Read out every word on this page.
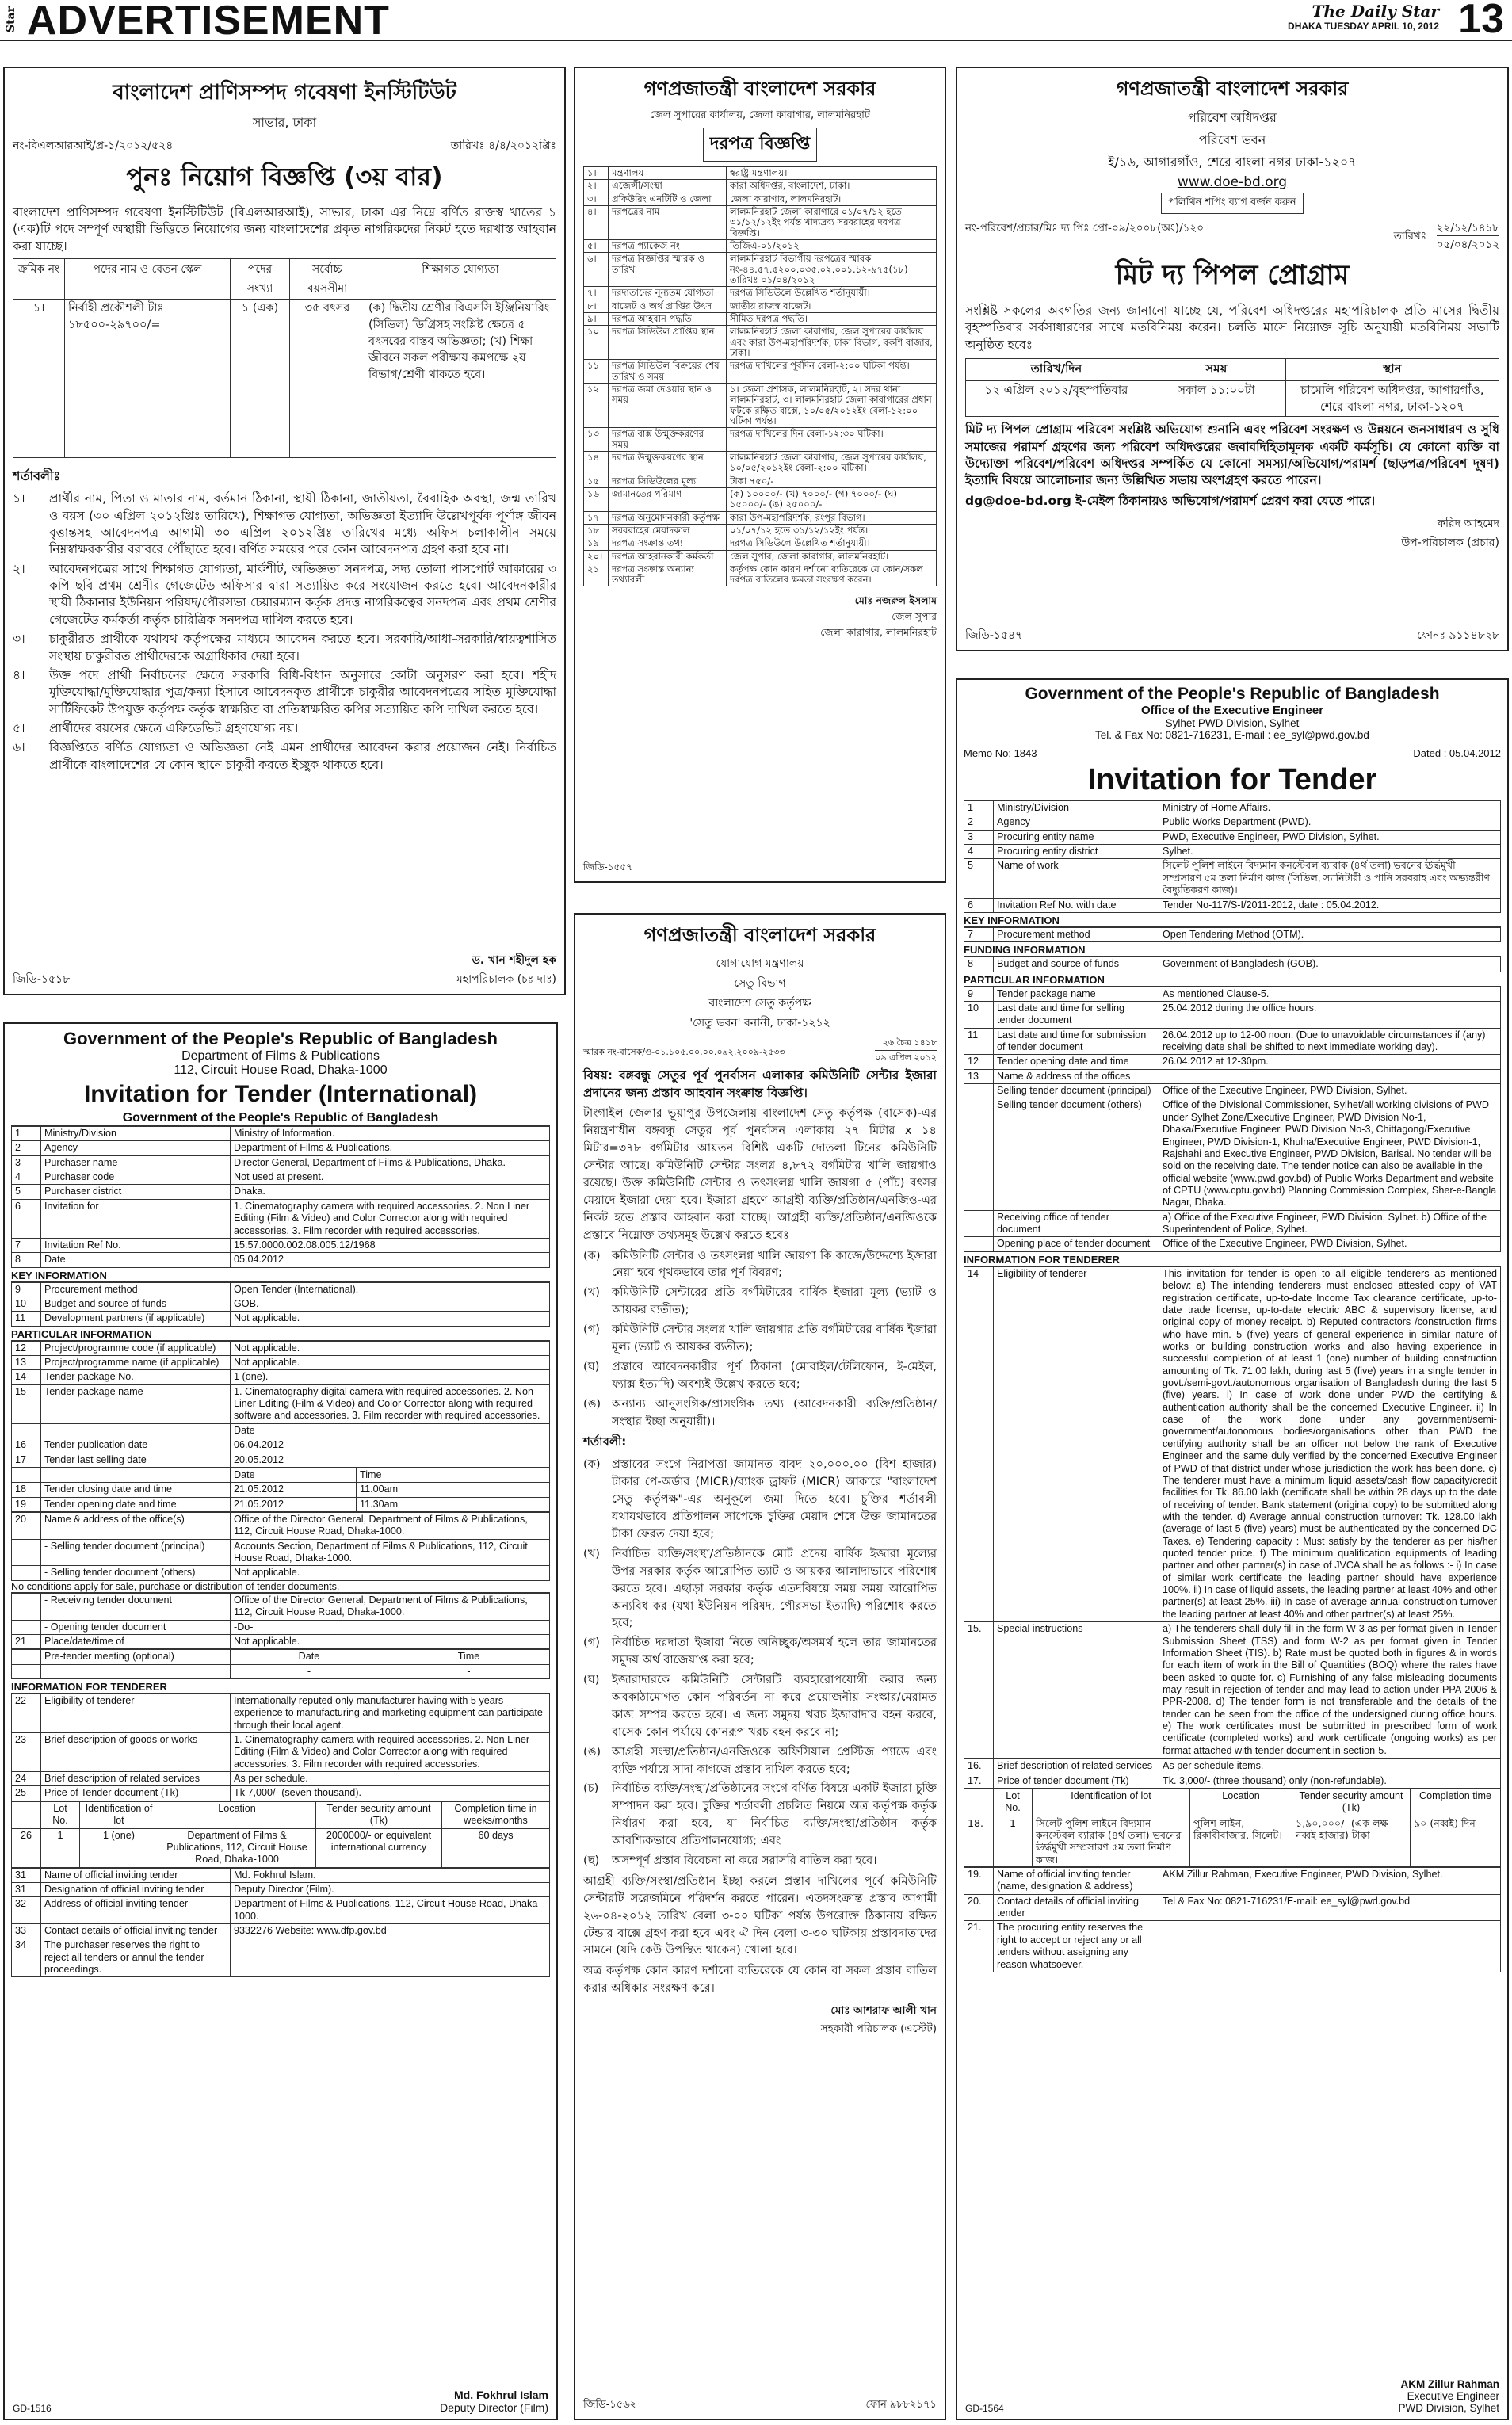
Star ADVERTISEMENT	The Daily Star
DHAKA TUESDAY APRIL 10, 2012 13
বাংলাদেশ প্রাণিসম্পদ গবেষণা ইনস্টিটিউট
সাভার, ঢাকা
নং-বিএলআরআই/প্র-১/২০১২/৫২৪	তারিখঃ ৪/৪/২০১২খ্রিঃ
পুনঃ নিয়োগ বিজ্ঞপ্তি (৩য় বার)
বাংলাদেশ প্রাণিসম্পদ গবেষণা ইনস্টিটিউট (বিএলআরআই), সাভার, ঢাকা এর নিম্নে বর্ণিত রাজস্ব খাতের ১ (এক)টি পদে সম্পূর্ণ অস্থায়ী ভিত্তিতে নিয়োগের জন্য বাংলাদেশের প্রকৃত নাগরিকদের নিকট হতে দরখাস্ত আহবান করা যাচ্ছে।
ক্রমিক নং	পদের নাম ও বেতন স্কেল	পদের সংখ্যা	সর্বোচ্চ বয়সসীমা	শিক্ষাগত যোগ্যতা
১।	নির্বাহী প্রকৌশলী টাঃ ১৮৫০০-২৯৭০০/=	১ (এক)	৩৫ বৎসর	(ক) দ্বিতীয় শ্রেণীর বিএসসি ইঞ্জিনিয়ারিং (সিভিল) ডিগ্রিসহ সংশ্লিষ্ট ক্ষেত্রে ৫ বৎসরের বাস্তব অভিজ্ঞতা; (খ) শিক্ষা জীবনে সকল পরীক্ষায় কমপক্ষে ২য় বিভাগ/শ্রেণী থাকতে হবে।
শর্তাবলীঃ
১। প্রার্থীর নাম, পিতা ও মাতার নাম, বর্তমান ঠিকানা, স্থায়ী ঠিকানা, জাতীয়তা, বৈবাহিক অবস্থা, জন্ম তারিখ ও বয়স (৩০ এপ্রিল ২০১২খ্রিঃ তারিখে), শিক্ষাগত যোগ্যতা, অভিজ্ঞতা ইত্যাদি উল্লেখপূর্বক পূর্ণাঙ্গ জীবন বৃত্তান্তসহ আবেদনপত্র আগামী ৩০ এপ্রিল ২০১২খ্রিঃ তারিখের মধ্যে অফিস চলাকালীন সময়ে নিম্নস্বাক্ষরকারীর বরাবরে পৌঁছাতে হবে। বর্ণিত সময়ের পরে কোন আবেদনপত্র গ্রহণ করা হবে না।
২। আবেদনপত্রের সাথে শিক্ষাগত যোগ্যতা, মার্কশীট, অভিজ্ঞতা সনদপত্র, সদ্য তোলা পাসপোর্ট আকারের ৩ কপি ছবি প্রথম শ্রেণীর গেজেটেড অফিসার দ্বারা সত্যায়িত করে সংযোজন করতে হবে। আবেদনকারীর স্থায়ী ঠিকানার ইউনিয়ন পরিষদ/পৌরসভা চেয়ারম্যান কর্তৃক প্রদত্ত নাগরিকত্বের সনদপত্র এবং প্রথম শ্রেণীর গেজেটেড কর্মকর্তা কর্তৃক চারিত্রিক সনদপত্র দাখিল করতে হবে।
৩। চাকুরীরত প্রার্থীকে যথাযথ কর্তৃপক্ষের মাধ্যমে আবেদন করতে হবে। সরকারি/আধা-সরকারি/স্বায়ত্বশাসিত সংস্থায় চাকুরীরত প্রার্থীদেরকে অগ্রাধিকার দেয়া হবে।
৪। উক্ত পদে প্রার্থী নির্বাচনের ক্ষেত্রে সরকারি বিধি-বিধান অনুসারে কোটা অনুসরণ করা হবে। শহীদ মুক্তিযোদ্ধা/মুক্তিযোদ্ধার পুত্র/কন্যা হিসাবে আবেদনকৃত প্রার্থীকে চাকুরীর আবেদনপত্রের সহিত মুক্তিযোদ্ধা সার্টিফিকেট উপযুক্ত কর্তৃপক্ষ কর্তৃক স্বাক্ষরিত বা প্রতিস্বাক্ষরিত কপির সত্যায়িত কপি দাখিল করতে হবে।
৫। প্রার্থীদের বয়সের ক্ষেত্রে এফিডেভিট গ্রহণযোগ্য নয়।
৬। বিজ্ঞপ্তিতে বর্ণিত যোগ্যতা ও অভিজ্ঞতা নেই এমন প্রার্থীদের আবেদন করার প্রয়োজন নেই। নির্বাচিত প্রার্থীকে বাংলাদেশের যে কোন স্থানে চাকুরী করতে ইচ্ছুক থাকতে হবে।
জিডি-১৫১৮
ড. খান শহীদুল হক
মহাপরিচালক (চঃ দাঃ)
গণপ্রজাতন্ত্রী বাংলাদেশ সরকার
জেল সুপারের কার্যালয়, জেলা কারাগার, লালমনিরহাট
দরপত্র বিজ্ঞপ্তি
১।	মন্ত্রণালয়	স্বরাষ্ট্র মন্ত্রণালয়।
২।	এজেন্সী/সংস্থা	কারা অধিদপ্তর, বাংলাদেশ, ঢাকা।
৩।	প্রকিউরিং এনটিটি ও জেলা	জেলা কারাগার, লালমনিরহাট।
৪।	দরপত্রের নাম	লালমনিরহাট জেলা কারাগারে ০১/০৭/১২ হতে ৩১/১২/১২ইং পর্যন্ত খাদ্যদ্রব্য সরবরাহের দরপত্র বিজ্ঞপ্তি।
৫।	দরপত্র প্যাকেজ নং	তিজিএ-০১/২০১২
৬।	দরপত্র বিজ্ঞপ্তির স্মারক ও তারিখ	লালমনিরহাট বিভাগীয় দরপত্রের স্মারক নং-৪৪.৫৭.৫২০০.০৩৫.০২.০০১.১২-৯৭৫(১৮) তারিখঃ ০১/০৪/২০১২
৭।	দরদাতাদের নূন্যতম যোগ্যতা	দরপত্র সিডিউলে উল্লেখিত শর্তানুযায়ী।
৮।	বাজেট ও অর্থ প্রাপ্তির উৎস	জাতীয় রাজস্ব বাজেট।
৯।	দরপত্র আহবান পদ্ধতি	সীমিত দরপত্র পদ্ধতি।
১০।	দরপত্র সিডিউল প্রাপ্তির স্থান	লালমনিরহাট জেলা কারাগার, জেল সুপারের কার্যালয় এবং কারা উপ-মহাপরিদর্শক, ঢাকা বিভাগ, বকশি বাজার, ঢাকা।
১১।	দরপত্র সিডিউল বিক্রয়ের শেষ তারিখ ও সময়	দরপত্র দাখিলের পূর্বদিন বেলা-২:০০ ঘটিকা পর্যন্ত।
১২।	দরপত্র জমা দেওয়ার স্থান ও সময়	১। জেলা প্রশাসক, লালমনিরহাট, ২। সদর থানা লালমনিরহাট, ৩। লালমনিরহাট জেলা কারাগারের প্রধান ফটকে রক্ষিত বাক্সে, ১০/০৫/২০১২ইং বেলা-১২:০০ ঘটিকা পর্যন্ত।
১৩।	দরপত্র বাক্স উন্মুক্তকরণের সময়	দরপত্র দাখিলের দিন বেলা-১২:৩০ ঘটিকা।
১৪।	দরপত্র উন্মুক্তকরণের স্থান	লালমনিরহাট জেলা কারাগার, জেল সুপারের কার্যালয়, ১০/০৫/২০১২ইং বেলা-২:০০ ঘটিকা।
১৫।	দরপত্র সিডিউলের মূল্য	টাকা ৭৫০/-
১৬।	জামানতের পরিমাণ	(ক) ১০০০০/- (খ) ৭০০০/- (গ) ৭০০০/- (ঘ) ১৫০০০/- (ঙ) ২৫০০০/-
১৭।	দরপত্র অনুমোদনকারী কর্তৃপক্ষ	কারা উপ-মহাপরিদর্শক, রংপুর বিভাগ।
১৮।	সরবরাহের মেয়াদকাল	০১/০৭/১২ হতে ৩১/১২/১২ইং পর্যন্ত।
১৯।	দরপত্র সংক্রান্ত তথ্য	দরপত্র সিডিউলে উল্লেখিত শর্তানুযায়ী।
২০।	দরপত্র আহবানকারী কর্মকর্তা	জেল সুপার, জেলা কারাগার, লালমনিরহাট।
২১।	দরপত্র সংক্রান্ত অন্যান্য তথ্যাবলী	কর্তৃপক্ষ কোন কারণ দর্শানো ব্যতিরেকে যে কোন/সকল দরপত্র বাতিলের ক্ষমতা সংরক্ষণ করেন।
মোঃ নজরুল ইসলাম
জেল সুপার
জেলা কারাগার, লালমনিরহাট
জিডি-১৫৫৭
গণপ্রজাতন্ত্রী বাংলাদেশ সরকার
পরিবেশ অধিদপ্তর
পরিবেশ ভবন
ই/১৬, আগারগাঁও, শেরে বাংলা নগর ঢাকা-১২০৭
www.doe-bd.org
পলিথিন শপিং ব্যাগ বর্জন করুন
নং-পরিবেশ/প্রচার/মিঃ দ্য পিঃ প্রো-০৯/২০০৮(অং)/১২০	২২/১২/১৪১৮
তারিখঃ
০৫/০৪/২০১২
মিট দ্য পিপল প্রোগ্রাম
সংশ্লিষ্ট সকলের অবগতির জন্য জানানো যাচ্ছে যে, পরিবেশ অধিদপ্তরের মহাপরিচালক প্রতি মাসের দ্বিতীয় বৃহস্পতিবার সর্বসাধারণের সাথে মতবিনিময় করেন। চলতি মাসে নিম্নোক্ত সূচি অনুযায়ী মতবিনিময় সভাটি অনুষ্ঠিত হবেঃ
তারিখ/দিন	সময়	স্থান
১২ এপ্রিল ২০১২/বৃহস্পতিবার	সকাল ১১:০০টা	চামেলি পরিবেশ অধিদপ্তর, আগারগাঁও, শেরে বাংলা নগর, ঢাকা-১২০৭
মিট দ্য পিপল প্রোগ্রাম পরিবেশ সংশ্লিষ্ট অভিযোগ শুনানি এবং পরিবেশ সংরক্ষণ ও উন্নয়নে জনসাধারণ ও সুধি সমাজের পরামর্শ গ্রহণের জন্য পরিবেশ অধিদপ্তরের জবাবদিহিতামূলক একটি কর্মসূচি। যে কোনো ব্যক্তি বা উদ্যোক্তা পরিবেশ/পরিবেশ অধিদপ্তর সম্পর্কিত যে কোনো সমস্যা/অভিযোগ/পরামর্শ (ছাড়পত্র/পরিবেশ দূষণ) ইত্যাদি বিষয়ে আলোচনার জন্য উল্লিখিত সভায় অংশগ্রহণ করতে পারেন।
dg@doe-bd.org ই-মেইল ঠিকানায়ও অভিযোগ/পরামর্শ প্রেরণ করা যেতে পারে।
ফরিদ আহমেদ
উপ-পরিচালক (প্রচার)
জিডি-১৫৪৭	ফোনঃ ৯১১৪৮২৮
Government of the People's Republic of Bangladesh
Department of Films & Publications
112, Circuit House Road, Dhaka-1000
Invitation for Tender (International)
Government of the People's Republic of Bangladesh
1	Ministry/Division	Ministry of Information.
2	Agency	Department of Films & Publications.
3	Purchaser name	Director General, Department of Films & Publications, Dhaka.
4	Purchaser code	Not used at present.
5	Purchaser district	Dhaka.
6	Invitation for	1. Cinematography camera with required accessories. 2. Non Liner Editing (Film & Video) and Color Corrector along with required accessories. 3. Film recorder with required accessories.
7	Invitation Ref No.	15.57.0000.002.08.005.12/1968
8	Date	05.04.2012
KEY INFORMATION
9	Procurement method	Open Tender (International).
10	Budget and source of funds	GOB.
11	Development partners (if applicable)	Not applicable.
PARTICULAR INFORMATION
12	Project/programme code (if applicable)	Not applicable.
13	Project/programme name (if applicable)	Not applicable.
14	Tender package No.	1 (one).
15	Tender package name	1. Cinematography digital camera with required accessories. 2. Non Liner Editing (Film & Video) and Color Corrector along with required software and accessories. 3. Film recorder with required accessories.
		Date
16	Tender publication date	06.04.2012
17	Tender last selling date	20.05.2012
		Date	Time
18	Tender closing date and time	21.05.2012	11.00am
19	Tender opening date and time	21.05.2012	11.30am
20	Name & address of the office(s)	Office of the Director General, Department of Films & Publications, 112, Circuit House Road, Dhaka-1000.
	- Selling tender document (principal)	Accounts Section, Department of Films & Publications, 112, Circuit House Road, Dhaka-1000.
	- Selling tender document (others)	Not applicable.
No conditions apply for sale, purchase or distribution of tender documents.
	- Receiving tender document	Office of the Director General, Department of Films & Publications, 112, Circuit House Road, Dhaka-1000.
	- Opening tender document	-Do-
21	Place/date/time of	Not applicable.
	Pre-tender meeting (optional)	Date	Time
		-	-
INFORMATION FOR TENDERER
22	Eligibility of tenderer	Internationally reputed only manufacturer having with 5 years experience to manufacturing and marketing equipment can participate through their local agent.
23	Brief description of goods or works	1. Cinematography camera with required accessories. 2. Non Liner Editing (Film & Video) and Color Corrector along with required accessories. 3. Film recorder with required accessories.
24	Brief description of related services	As per schedule.
25	Price of Tender document (Tk)	Tk 7,000/- (seven thousand).
	Lot No.	Identification of lot	Location	Tender security amount (Tk)	Completion time in weeks/months
26	1	1 (one)	Department of Films & Publications, 112, Circuit House Road, Dhaka-1000	2000000/- or equivalent international currency	60 days
31	Name of official inviting tender	Md. Fokhrul Islam.
31	Designation of official inviting tender	Deputy Director (Film).
32	Address of official inviting tender	Department of Films & Publications, 112, Circuit House Road, Dhaka-1000.
33	Contact details of official inviting tender	9332276 Website: www.dfp.gov.bd
34	The purchaser reserves the right to reject all tenders or annul the tender proceedings.	
GD-1516
Md. Fokhrul Islam
Deputy Director (Film)
গণপ্রজাতন্ত্রী বাংলাদেশ সরকার
যোগাযোগ মন্ত্রণালয়
সেতু বিভাগ
বাংলাদেশ সেতু কর্তৃপক্ষ
'সেতু ভবন' বনানী, ঢাকা-১২১২
স্মারক নং-বাসেক/ও-০১.১০৫.০০.০০.০৯২.২০০৯-২৫৩৩
২৬ চৈত্র ১৪১৮
০৯ এপ্রিল ২০১২
বিষয়: বঙ্গবন্ধু সেতুর পূর্ব পুনর্বাসন এলাকার কমিউনিটি সেন্টার ইজারা প্রদানের জন্য প্রস্তাব আহবান সংক্রান্ত বিজ্ঞপ্তি।
টাংগাইল জেলার ভূয়াপুর উপজেলায় বাংলাদেশ সেতু কর্তৃপক্ষ (বাসেক)-এর নিয়ন্ত্রণাধীন বঙ্গবন্ধু সেতুর পূর্ব পুনর্বাসন এলাকায় ২৭ মিটার x ১৪ মিটার=৩৭৮ বর্গমিটার আয়তন বিশিষ্ট একটি দোতলা টিনের কমিউনিটি সেন্টার আছে। কমিউনিটি সেন্টার সংলগ্ন ৪,৮৭২ বর্গমিটার খালি জায়গাও রয়েছে। উক্ত কমিউনিটি সেন্টার ও তৎসংলগ্ন খালি জায়গা ৫ (পাঁচ) বৎসর মেয়াদে ইজারা দেয়া হবে। ইজারা গ্রহণে আগ্রহী ব্যক্তি/প্রতিষ্ঠান/এনজিও-এর নিকট হতে প্রস্তাব আহবান করা যাচ্ছে। আগ্রহী ব্যক্তি/প্রতিষ্ঠান/এনজিওকে প্রস্তাবে নিম্নোক্ত তথ্যসমূহ উল্লেখ করতে হবেঃ
(ক) কমিউনিটি সেন্টার ও তৎসংলগ্ন খালি জায়গা কি কাজে/উদ্দেশ্যে ইজারা নেয়া হবে পৃথকভাবে তার পূর্ণ বিবরণ;
(খ) কমিউনিটি সেন্টারের প্রতি বর্গমিটারের বার্ষিক ইজারা মূল্য (ভ্যাট ও আয়কর ব্যতীত);
(গ) কমিউনিটি সেন্টার সংলগ্ন খালি জায়গার প্রতি বর্গমিটারের বার্ষিক ইজারা মূল্য (ভ্যাট ও আয়কর ব্যতীত);
(ঘ) প্রস্তাবে আবেদনকারীর পূর্ণ ঠিকানা (মোবাইল/টেলিফোন, ই-মেইল, ফ্যাক্স ইত্যাদি) অবশ্যই উল্লেখ করতে হবে;
(ঙ) অন্যান্য আনুসংগিক/প্রাসংগিক তথ্য (আবেদনকারী ব্যক্তি/প্রতিষ্ঠান/সংস্থার ইচ্ছা অনুযায়ী)।
শর্তাবলী:
(ক) প্রস্তাবের সংগে নিরাপত্তা জামানত বাবদ ২০,০০০.০০ (বিশ হাজার) টাকার পে-অর্ডার (MICR)/ব্যাংক ড্রাফট (MICR) আকারে "বাংলাদেশ সেতু কর্তৃপক্ষ"-এর অনুকূলে জমা দিতে হবে। চুক্তির শর্তাবলী যথাযথভাবে প্রতিপালন সাপেক্ষে চুক্তির মেয়াদ শেষে উক্ত জামানতের টাকা ফেরত দেয়া হবে;
(খ) নির্বাচিত ব্যক্তি/সংস্থা/প্রতিষ্ঠানকে মোট প্রদেয় বার্ষিক ইজারা মূল্যের উপর সরকার কর্তৃক আরোপিত ভ্যাট ও আয়কর আলাদাভাবে পরিশোধ করতে হবে। এছাড়া সরকার কর্তৃক এতদবিষয়ে সময় সময় আরোপিত অন্যবিধ কর (যথা ইউনিয়ন পরিষদ, পৌরসভা ইত্যাদি) পরিশোধ করতে হবে;
(গ) নির্বাচিত দরদাতা ইজারা নিতে অনিচ্ছুক/অসমর্থ হলে তার জামানতের সমুদয় অর্থ বাজেয়াপ্ত করা হবে;
(ঘ) ইজারাদারকে কমিউনিটি সেন্টারটি ব্যবহারোপযোগী করার জন্য অবকাঠামোগত কোন পরিবর্তন না করে প্রয়োজনীয় সংস্কার/মেরামত কাজ সম্পন্ন করতে হবে। এ জন্য সমুদয় খরচ ইজারাদার বহন করবে, বাসেক কোন পর্যায়ে কোনরূপ খরচ বহন করবে না;
(ঙ) আগ্রহী সংস্থা/প্রতিষ্ঠান/এনজিওকে অফিসিয়াল প্রেস্টিজ প্যাডে এবং ব্যক্তি পর্যায়ে সাদা কাগজে প্রস্তাব দাখিল করতে হবে;
(চ) নির্বাচিত ব্যক্তি/সংস্থা/প্রতিষ্ঠানের সংগে বর্ণিত বিষয়ে একটি ইজারা চুক্তি সম্পাদন করা হবে। চুক্তির শর্তাবলী প্রচলিত নিয়মে অত্র কর্তৃপক্ষ কর্তৃক নির্ধারণ করা হবে, যা নির্বাচিত ব্যক্তি/সংস্থা/প্রতিষ্ঠান কর্তৃক আবশ্যিকভাবে প্রতিপালনযোগ্য; এবং
(ছ) অসম্পূর্ণ প্রস্তাব বিবেচনা না করে সরাসরি বাতিল করা হবে।
আগ্রহী ব্যক্তি/সংস্থা/প্রতিষ্ঠান ইচ্ছা করলে প্রস্তাব দাখিলের পূর্বে কমিউনিটি সেন্টারটি সরেজমিনে পরিদর্শন করতে পারেন। এতদসংক্রান্ত প্রস্তাব আগামী ২৬-০৪-২০১২ তারিখ বেলা ৩-০০ ঘটিকা পর্যন্ত উপরোক্ত ঠিকানায় রক্ষিত টেন্ডার বাক্সে গ্রহণ করা হবে এবং ঐ দিন বেলা ৩-৩০ ঘটিকায় প্রস্তাবদাতাদের সামনে (যদি কেউ উপস্থিত থাকেন) খোলা হবে।
অত্র কর্তৃপক্ষ কোন কারণ দর্শানো ব্যতিরেকে যে কোন বা সকল প্রস্তাব বাতিল করার অধিকার সংরক্ষণ করে।
মোঃ আশরাফ আলী খান
সহকারী পরিচালক (এস্টেট)
জিডি-১৫৬২	ফোন ৯৮৮২১৭১
Government of the People's Republic of Bangladesh
Office of the Executive Engineer
Sylhet PWD Division, Sylhet
Tel. & Fax No: 0821-716231, E-mail : ee_syl@pwd.gov.bd
Memo No: 1843	Dated : 05.04.2012
Invitation for Tender
1	Ministry/Division	Ministry of Home Affairs.
2	Agency	Public Works Department (PWD).
3	Procuring entity name	PWD, Executive Engineer, PWD Division, Sylhet.
4	Procuring entity district	Sylhet.
5	Name of work	সিলেট পুলিশ লাইনে বিদ্যমান কনস্টেবল ব্যারাক (৪র্থ তলা) ভবনের ঊর্দ্ধমুখী সম্প্রসারণ ৫ম তলা নির্মাণ কাজ (সিভিল, স্যানিটারী ও পানি সরবরাহ এবং অভ্যন্তরীণ বৈদ্যুতিকরণ কাজ)।
6	Invitation Ref No. with date	Tender No-117/S-I/2011-2012, date : 05.04.2012.
KEY INFORMATION
7	Procurement method	Open Tendering Method (OTM).
FUNDING INFORMATION
8	Budget and source of funds	Government of Bangladesh (GOB).
PARTICULAR INFORMATION
9	Tender package name	As mentioned Clause-5.
10	Last date and time for selling tender document	25.04.2012 during the office hours.
11	Last date and time for submission of tender document	26.04.2012 up to 12-00 noon. (Due to unavoidable circumstances if (any) receiving date shall be shifted to next immediate working day).
12	Tender opening date and time	26.04.2012 at 12-30pm.
13	Name & address of the offices	
	Selling tender document (principal)	Office of the Executive Engineer, PWD Division, Sylhet.
	Selling tender document (others)	Office of the Divisional Commissioner, Sylhet/all working divisions of PWD under Sylhet Zone/Executive Engineer, PWD Division No-1, Dhaka/Executive Engineer, PWD Division No-3, Chittagong/Executive Engineer, PWD Division-1, Khulna/Executive Engineer, PWD Division-1, Rajshahi and Executive Engineer, PWD Division, Barisal. No tender will be sold on the receiving date. The tender notice can also be available in the official website (www.pwd.gov.bd) of Public Works Department and website of CPTU (www.cptu.gov.bd) Planning Commission Complex, Sher-e-Bangla Nagar, Dhaka.
	Receiving office of tender document	a) Office of the Executive Engineer, PWD Division, Sylhet. b) Office of the Superintendent of Police, Sylhet.
	Opening place of tender document	Office of the Executive Engineer, PWD Division, Sylhet.
INFORMATION FOR TENDERER
14	Eligibility of tenderer	This invitation for tender is open to all eligible tenderers as mentioned below: a) The intending tenderers must enclosed attested copy of VAT registration certificate, up-to-date Income Tax clearance certificate, up-to-date trade license, up-to-date electric ABC & supervisory license, and original copy of money receipt. b) Reputed contractors /construction firms who have min. 5 (five) years of general experience in similar nature of works or building construction works and also having experience in successful completion of at least 1 (one) number of building construction amounting of Tk. 71.00 lakh, during last 5 (five) years in a single tender in govt./semi-govt./autonomous organisation of Bangladesh during the last 5 (five) years. i) In case of work done under PWD the certifying & authentication authority shall be the concerned Executive Engineer. ii) In case of the work done under any government/semi-government/autonomous bodies/organisations other than PWD the certifying authority shall be an officer not below the rank of Executive Engineer and the same duly verified by the concerned Executive Engineer of PWD of that district under whose jurisdiction the work has been done. c) The tenderer must have a minimum liquid assets/cash flow capacity/credit facilities for Tk. 86.00 lakh (certificate shall be within 28 days up to the date of receiving of tender. Bank statement (original copy) to be submitted along with the tender. d) Average annual construction turnover: Tk. 128.00 lakh (average of last 5 (five) years) must be authenticated by the concerned DC Taxes. e) Tendering capacity : Must satisfy by the tenderer as per his/her quoted tender price. f) The minimum qualification equipments of leading partner and other partner(s) in case of JVCA shall be as follows :- i) In case of similar work certificate the leading partner should have experience 100%. ii) In case of liquid assets, the leading partner at least 40% and other partner(s) at least 25%. iii) In case of average annual construction turnover the leading partner at least 40% and other partner(s) at least 25%.
15.	Special instructions	a) The tenderers shall duly fill in the form W-3 as per format given in Tender Submission Sheet (TSS) and form W-2 as per format given in Tender Information Sheet (TIS). b) Rate must be quoted both in figures & in words for each item of work in the Bill of Quantities (BOQ) where the rates have been asked to quote for. c) Furnishing of any false misleading documents may result in rejection of tender and may lead to action under PPA-2006 & PPR-2008. d) The tender form is not transferable and the details of the tender can be seen from the office of the undersigned during office hours. e) The work certificates must be submitted in prescribed form of work certificate (completed works) and work certificate (ongoing works) as per format attached with tender document in section-5.
16.	Brief description of related services	As per schedule items.
17.	Price of tender document (Tk)	Tk. 3,000/- (three thousand) only (non-refundable).
	Lot No.	Identification of lot	Location	Tender security amount (Tk)	Completion time
18.	1	সিলেট পুলিশ লাইনে বিদ্যমান কনস্টেবল ব্যারাক (৪র্থ তলা) ভবনের ঊর্দ্ধমুখী সম্প্রসারণ ৫ম তলা নির্মাণ কাজ।	পুলিশ লাইন, রিকাবীবাজার, সিলেট।	১,৯০,০০০/- (এক লক্ষ নব্বই হাজার) টাকা	৯০ (নব্বই) দিন
19.	Name of official inviting tender (name, designation & address)	AKM Zillur Rahman, Executive Engineer, PWD Division, Sylhet.
20.	Contact details of official inviting tender	Tel & Fax No: 0821-716231/E-mail: ee_syl@pwd.gov.bd
21.	The procuring entity reserves the right to accept or reject any or all tenders without assigning any reason whatsoever.	
GD-1564
AKM Zillur Rahman
Executive Engineer
PWD Division, Sylhet
